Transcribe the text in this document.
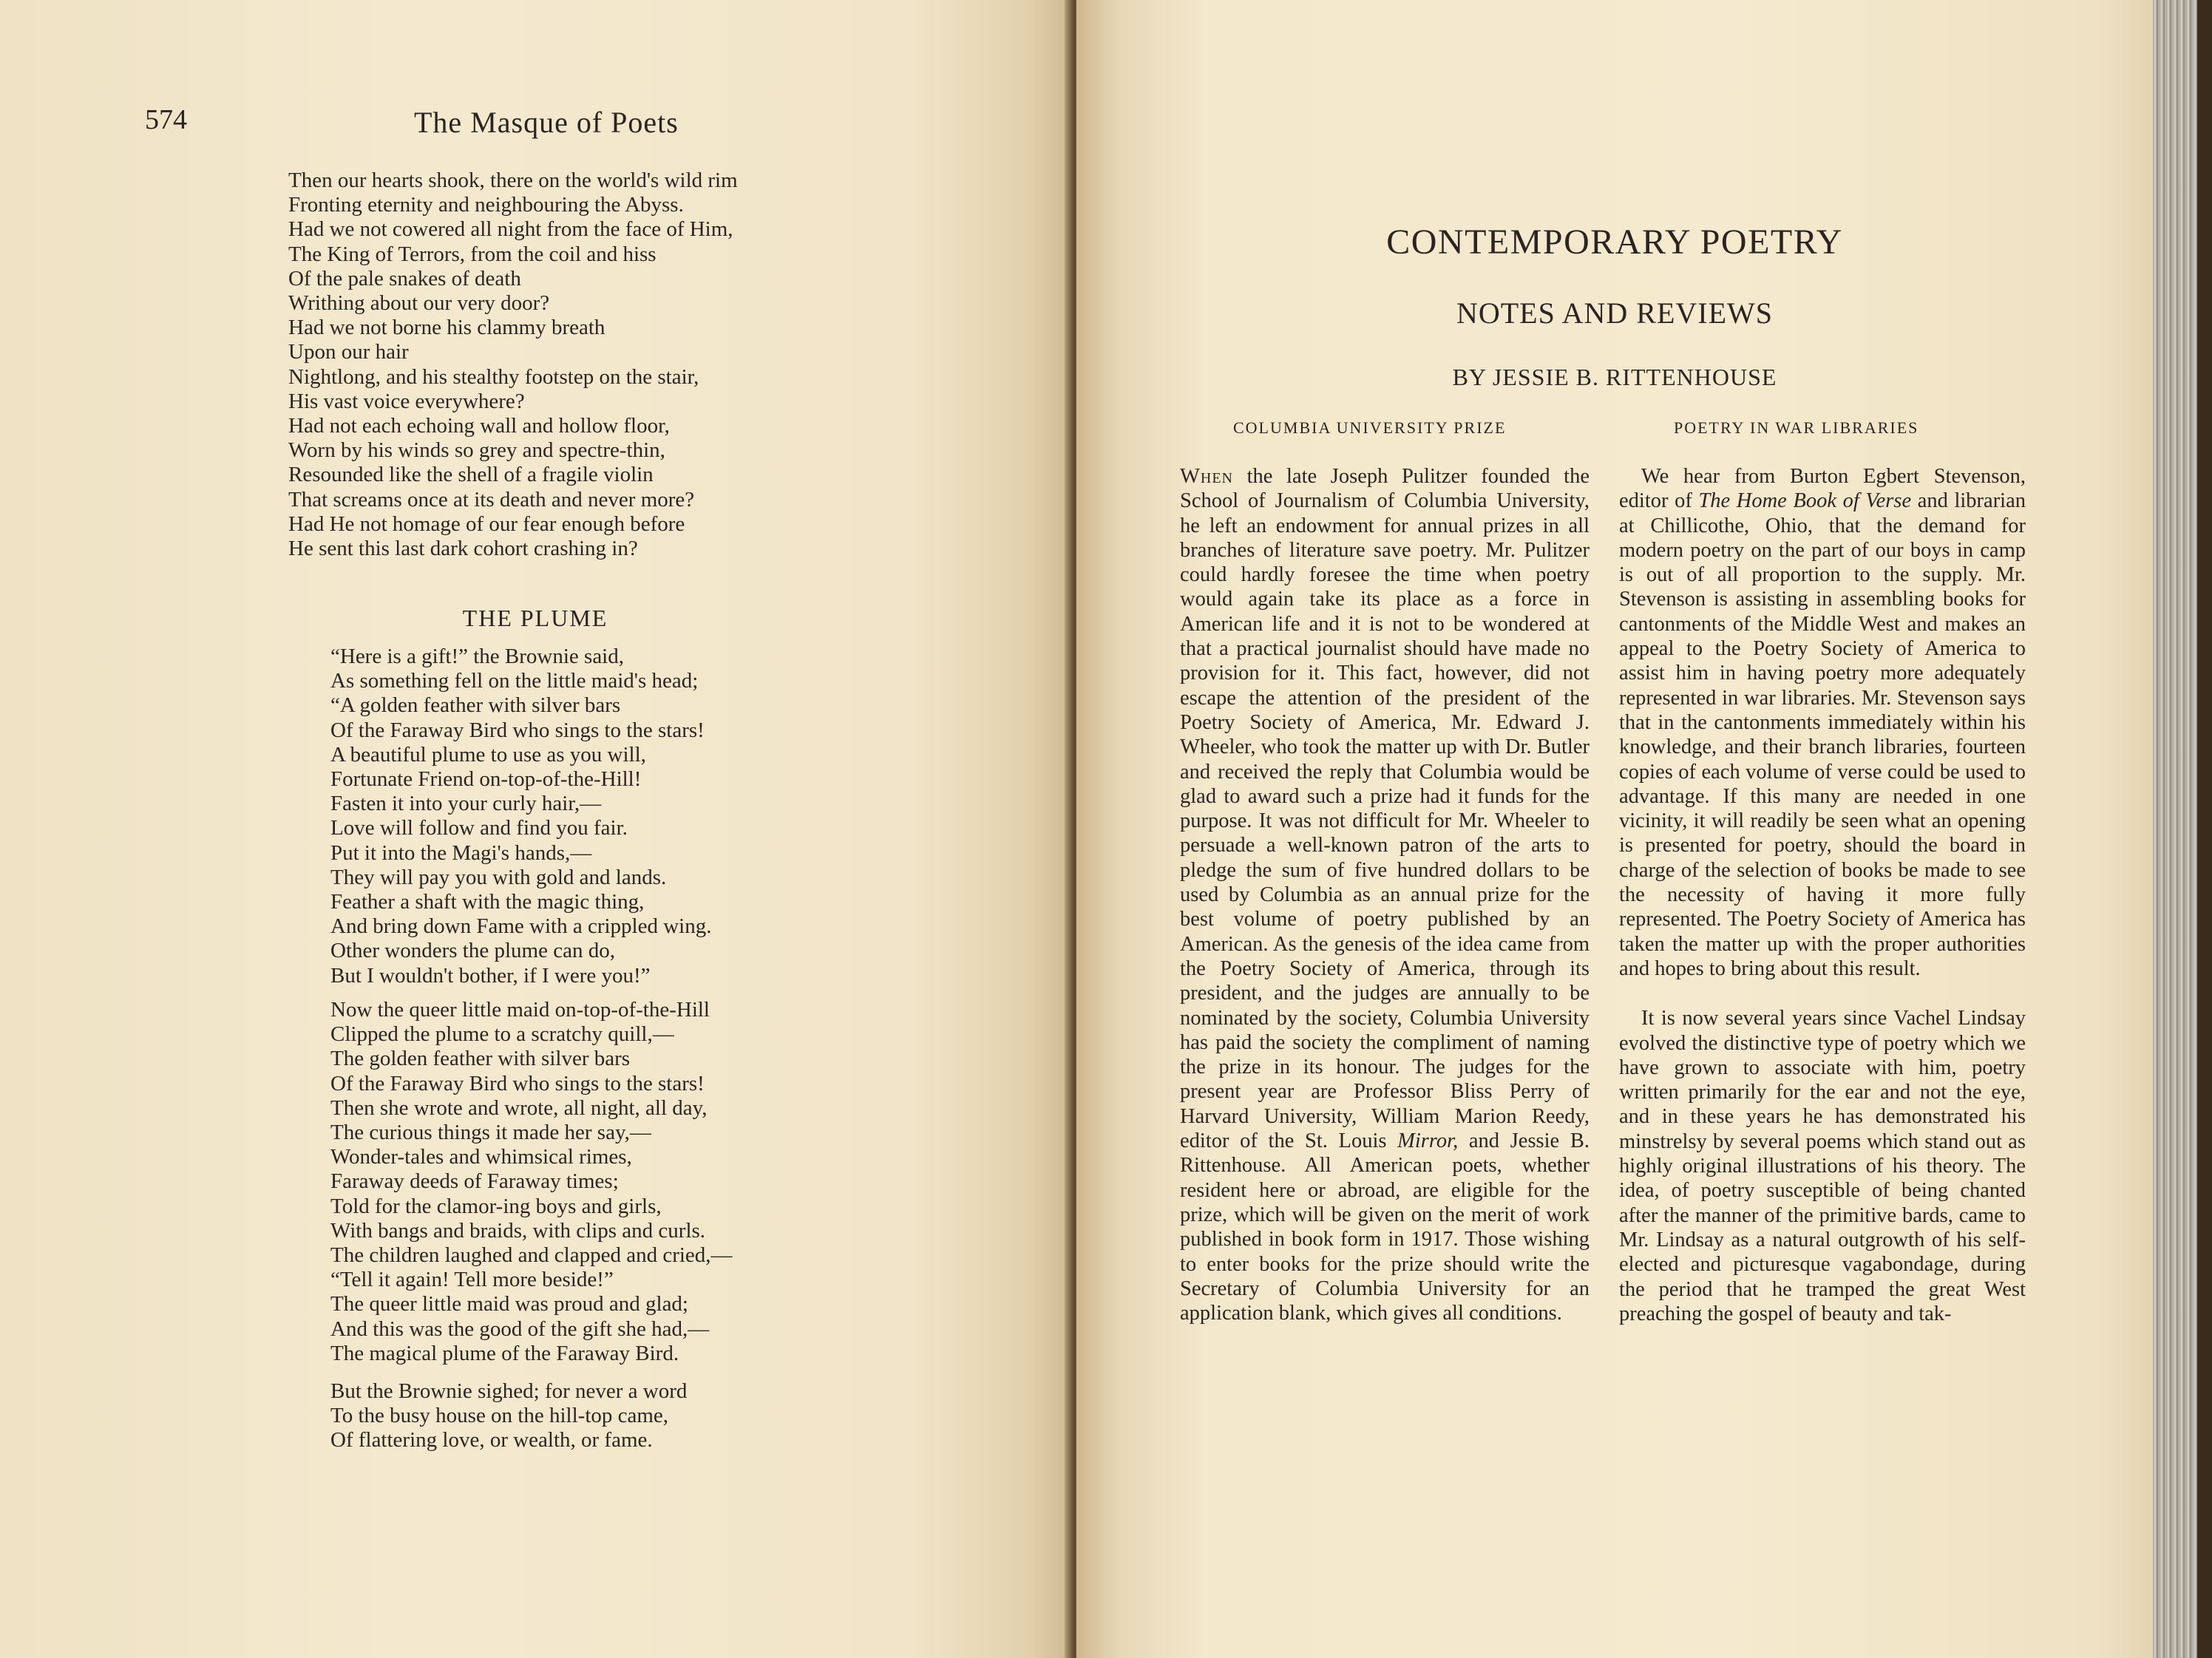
574	The Masque of Poets
Then our hearts shook, there on the world's wild rim
Fronting eternity and neighbouring the Abyss.
Had we not cowered all night from the face of Him,
The King of Terrors, from the coil and hiss
Of the pale snakes of death
Writhing about our very door?
Had we not borne his clammy breath
Upon our hair
Nightlong, and his stealthy footstep on the stair,
His vast voice everywhere?
Had not each echoing wall and hollow floor,
Worn by his winds so grey and spectre-thin,
Resounded like the shell of a fragile violin
That screams once at its death and never more?
Had He not homage of our fear enough before
He sent this last dark cohort crashing in?
THE PLUME
“Here is a gift!” the Brownie said,
As something fell on the little maid's head;
“A golden feather with silver bars
Of the Faraway Bird who sings to the stars!
A beautiful plume to use as you will,
Fortunate Friend on-top-of-the-Hill!
Fasten it into your curly hair,—
Love will follow and find you fair.
Put it into the Magi's hands,—
They will pay you with gold and lands.
Feather a shaft with the magic thing,
And bring down Fame with a crippled wing.
Other wonders the plume can do,
But I wouldn't bother, if I were you!”
Now the queer little maid on-top-of-the-Hill
Clipped the plume to a scratchy quill,—
The golden feather with silver bars
Of the Faraway Bird who sings to the stars!
Then she wrote and wrote, all night, all day,
The curious things it made her say,—
Wonder-tales and whimsical rimes,
Faraway deeds of Faraway times;
Told for the clamor-ing boys and girls,
With bangs and braids, with clips and curls.
The children laughed and clapped and cried,—
“Tell it again! Tell more beside!”
The queer little maid was proud and glad;
And this was the good of the gift she had,—
The magical plume of the Faraway Bird.
But the Brownie sighed; for never a word
To the busy house on the hill-top came,
Of flattering love, or wealth, or fame.
CONTEMPORARY POETRY
NOTES AND REVIEWS
BY JESSIE B. RITTENHOUSE
COLUMBIA UNIVERSITY PRIZE	POETRY IN WAR LIBRARIES

When the late Joseph Pulitzer founded the School of Journalism of Columbia University, he left an endowment for annual prizes in all branches of literature save poetry. Mr. Pulitzer could hardly foresee the time when poetry would again take its place as a force in American life and it is not to be wondered at that a practical journalist should have made no provision for it. This fact, however, did not escape the attention of the president of the Poetry Society of America, Mr. Edward J. Wheeler, who took the matter up with Dr. Butler and received the reply that Columbia would be glad to award such a prize had it funds for the purpose. It was not difficult for Mr. Wheeler to persuade a well-known patron of the arts to pledge the sum of five hundred dollars to be used by Columbia as an annual prize for the best volume of poetry published by an American. As the genesis of the idea came from the Poetry Society of America, through its president, and the judges are annually to be nominated by the society, Columbia University has paid the society the compliment of naming the prize in its honour. The judges for the present year are Professor Bliss Perry of Harvard University, William Marion Reedy, editor of the St. Louis Mirror, and Jessie B. Rittenhouse. All American poets, whether resident here or abroad, are eligible for the prize, which will be given on the merit of work published in book form in 1917. Those wishing to enter books for the prize should write the Secretary of Columbia University for an application blank, which gives all conditions.

We hear from Burton Egbert Stevenson, editor of The Home Book of Verse and librarian at Chillicothe, Ohio, that the demand for modern poetry on the part of our boys in camp is out of all proportion to the supply. Mr. Stevenson is assisting in assembling books for cantonments of the Middle West and makes an appeal to the Poetry Society of America to assist him in having poetry more adequately represented in war libraries. Mr. Stevenson says that in the cantonments immediately within his knowledge, and their branch libraries, fourteen copies of each volume of verse could be used to advantage. If this many are needed in one vicinity, it will readily be seen what an opening is presented for poetry, should the board in charge of the selection of books be made to see the necessity of having it more fully represented. The Poetry Society of America has taken the matter up with the proper authorities and hopes to bring about this result.

It is now several years since Vachel Lindsay evolved the distinctive type of poetry which we have grown to associate with him, poetry written primarily for the ear and not the eye, and in these years he has demonstrated his minstrelsy by several poems which stand out as highly original illustrations of his theory. The idea, of poetry susceptible of being chanted after the manner of the primitive bards, came to Mr. Lindsay as a natural outgrowth of his self-elected and picturesque vagabondage, during the period that he tramped the great West preaching the gospel of beauty and tak-
